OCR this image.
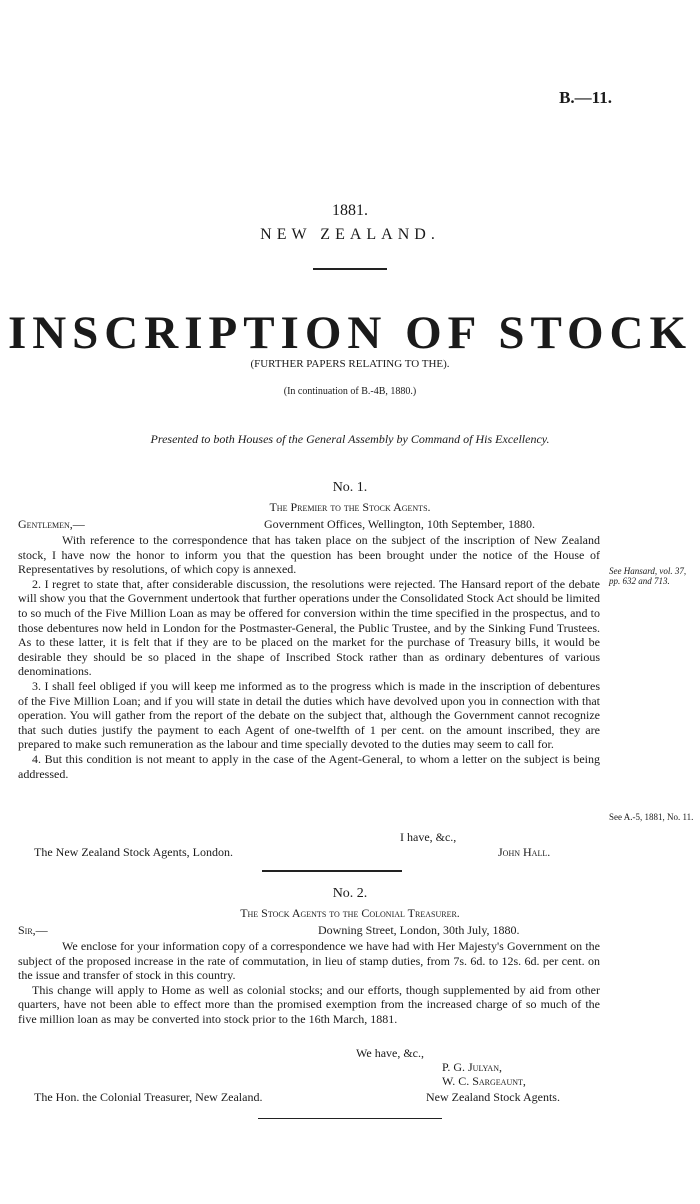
B.—11.
1881.
NEW ZEALAND.
INSCRIPTION OF STOCK
(FURTHER PAPERS RELATING TO THE).
(In continuation of B.-4B, 1880.)
Presented to both Houses of the General Assembly by Command of His Excellency.
No. 1.
The Premier to the Stock Agents.
Gentlemen,—	Government Offices, Wellington, 10th September, 1880.

With reference to the correspondence that has taken place on the subject of the inscription of New Zealand stock, I have now the honor to inform you that the question has been brought under the notice of the House of Representatives by resolutions, of which copy is annexed.

2. I regret to state that, after considerable discussion, the resolutions were rejected. The Hansard report of the debate will show you that the Government undertook that further operations under the Consolidated Stock Act should be limited to so much of the Five Million Loan as may be offered for conversion within the time specified in the prospectus, and to those debentures now held in London for the Postmaster-General, the Public Trustee, and by the Sinking Fund Trustees. As to these latter, it is felt that if they are to be placed on the market for the purchase of Treasury bills, it would be desirable they should be so placed in the shape of Inscribed Stock rather than as ordinary debentures of various denominations.

3. I shall feel obliged if you will keep me informed as to the progress which is made in the inscription of debentures of the Five Million Loan; and if you will state in detail the duties which have devolved upon you in connection with that operation. You will gather from the report of the debate on the subject that, although the Government cannot recognize that such duties justify the payment to each Agent of one-twelfth of 1 per cent. on the amount inscribed, they are prepared to make such remuneration as the labour and time specially devoted to the duties may seem to call for.

4. But this condition is not meant to apply in the case of the Agent-General, to whom a letter on the subject is being addressed.

See Hansard, vol. 37, pp. 632 and 713.
See A.-5, 1881, No. 11.
I have, &c.,
The New Zealand Stock Agents, London.	John Hall.
No. 2.
The Stock Agents to the Colonial Treasurer.
Sir,—	Downing Street, London, 30th July, 1880.

We enclose for your information copy of a correspondence we have had with Her Majesty's Government on the subject of the proposed increase in the rate of commutation, in lieu of stamp duties, from 7s. 6d. to 12s. 6d. per cent. on the issue and transfer of stock in this country.

This change will apply to Home as well as colonial stocks; and our efforts, though supplemented by aid from other quarters, have not been able to effect more than the promised exemption from the increased charge of so much of the five million loan as may be converted into stock prior to the 16th March, 1881.

We have, &c.,
P. G. Julyan,
W. C. Sargeaunt,
The Hon. the Colonial Treasurer, New Zealand.	New Zealand Stock Agents.
